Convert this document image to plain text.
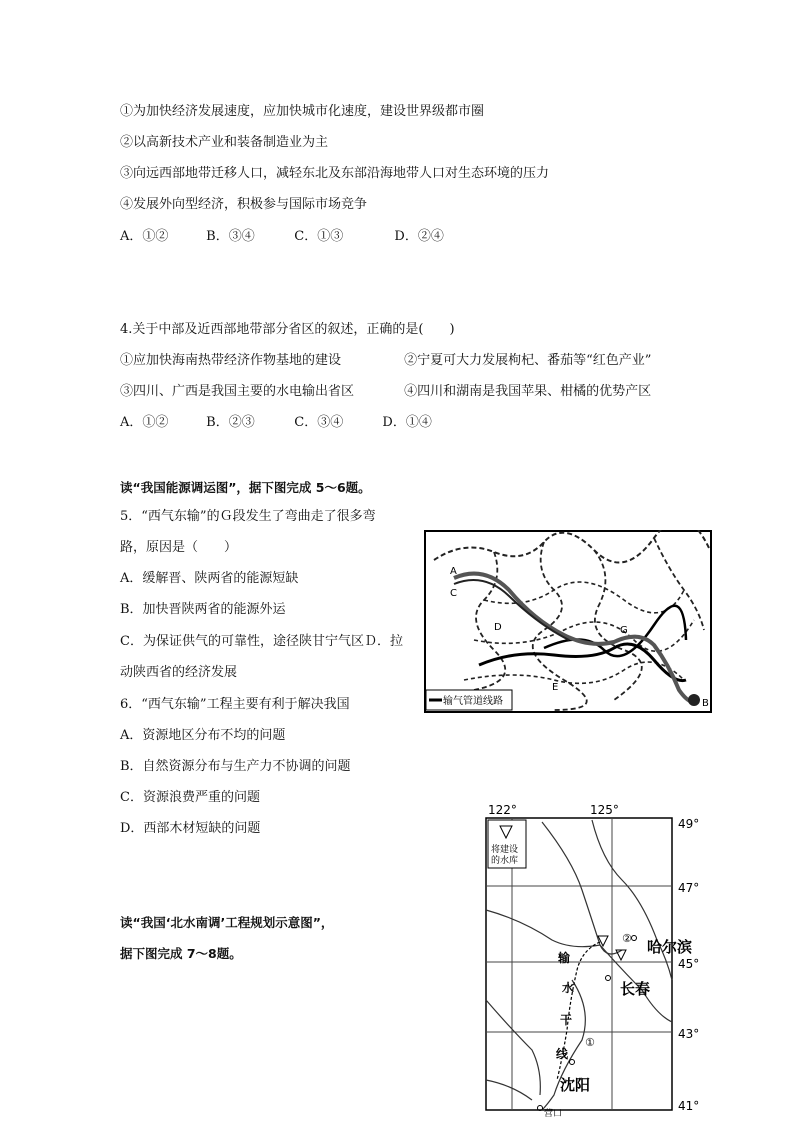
①为加快经济发展速度，应加快城市化速度，建设世界级都市圈
②以高新技术产业和装备制造业为主
③向远西部地带迁移人口，减轻东北及东部沿海地带人口对生态环境的压力
④发展外向型经济，积极参与国际市场竞争
A．①②	B．③④	C．①③	D．②④
4.关于中部及近西部地带部分省区的叙述，正确的是(　　)
①应加快海南热带经济作物基地的建设	②宁夏可大力发展枸杞、番茄等“红色产业”
③四川、广西是我国主要的水电输出省区	④四川和湖南是我国苹果、柑橘的优势产区
A．①②	B．②③	C．③④	D．①④
读“我国能源调运图”，据下图完成 5～6题。
5．“西气东输”的Ｇ段发生了弯曲走了很多弯
路，原因是（　　）
A．缓解晋、陕两省的能源短缺
B．加快晋陕两省的能源外运
C．为保证供气的可靠性，途径陕甘宁气区Ｄ．拉
动陕西省的经济发展
6．“西气东输”工程主要有利于解决我国
A．资源地区分布不均的问题
B．自然资源分布与生产力不协调的问题
C．资源浪费严重的问题
D．西部木材短缺的问题
读“我国‘北水南调’工程规划示意图”，
据下图完成 7～8题。
A
C
D
E
G
B
输气管道线路
122°	125°
49°
47°
45°
43°
41°
将建设
的水库
②
①
哈尔滨
长春
沈阳
营口
输
水
干
线
